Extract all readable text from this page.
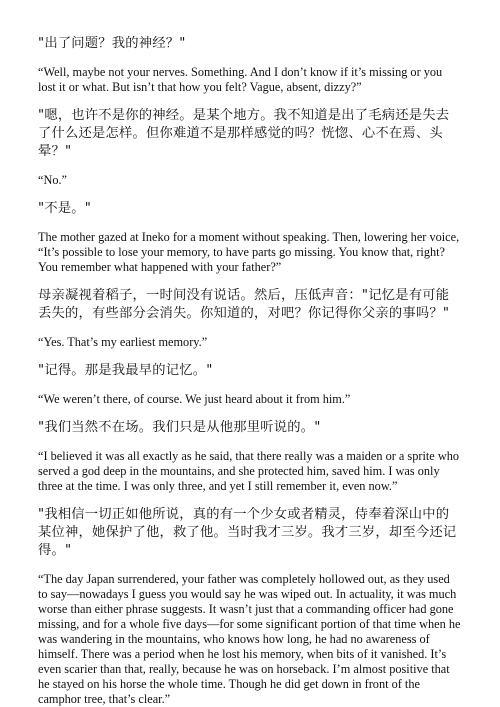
"出了问题？我的神经？"

“Well, maybe not your nerves. Something. And I don’t know if it’s missing or you lost it or what. But isn’t that how you felt? Vague, absent, dizzy?”

"嗯，也许不是你的神经。是某个地方。我不知道是出了毛病还是失去了什么还是怎样。但你难道不是那样感觉的吗？恍惚、心不在焉、头晕？"

“No.”

"不是。"

The mother gazed at Ineko for a moment without speaking. Then, lowering her voice, “It’s possible to lose your memory, to have parts go missing. You know that, right? You remember what happened with your father?”

母亲凝视着稻子，一时间没有说话。然后，压低声音："记忆是有可能丢失的，有些部分会消失。你知道的，对吧？你记得你父亲的事吗？"

“Yes. That’s my earliest memory.”

"记得。那是我最早的记忆。"

“We weren’t there, of course. We just heard about it from him.”

"我们当然不在场。我们只是从他那里听说的。"

“I believed it was all exactly as he said, that there really was a maiden or a sprite who served a god deep in the mountains, and she protected him, saved him. I was only three at the time. I was only three, and yet I still remember it, even now.”

"我相信一切正如他所说，真的有一个少女或者精灵，侍奉着深山中的某位神，她保护了他，救了他。当时我才三岁。我才三岁，却至今还记得。"

“The day Japan surrendered, your father was completely hollowed out, as they used to say—nowadays I guess you would say he was wiped out. In actuality, it was much worse than either phrase suggests. It wasn’t just that a commanding officer had gone missing, and for a whole five days—for some significant portion of that time when he was wandering in the mountains, who knows how long, he had no awareness of himself. There was a period when he lost his memory, when bits of it vanished. It’s even scarier than that, really, because he was on horseback. I’m almost positive that he stayed on his horse the whole time. Though he did get down in front of the camphor tree, that’s clear.”
